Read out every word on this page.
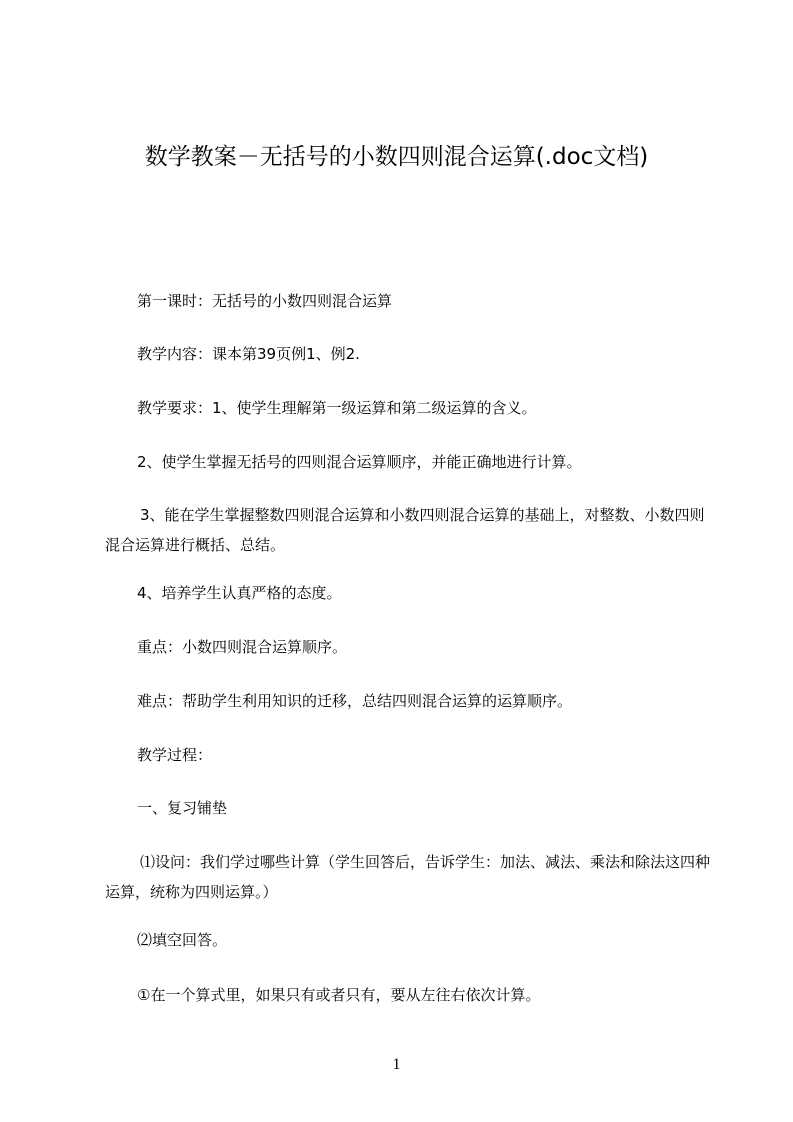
数学教案－无括号的小数四则混合运算(.doc文档)
第一课时：无括号的小数四则混合运算
教学内容：课本第39页例1、例2.
教学要求：1、使学生理解第一级运算和第二级运算的含义。
2、使学生掌握无括号的四则混合运算顺序，并能正确地进行计算。
3、能在学生掌握整数四则混合运算和小数四则混合运算的基础上，对整数、小数四则混合运算进行概括、总结。
4、培养学生认真严格的态度。
重点：小数四则混合运算顺序。
难点：帮助学生利用知识的迁移，总结四则混合运算的运算顺序。
教学过程：
一、复习铺垫
⑴设问：我们学过哪些计算（学生回答后，告诉学生：加法、减法、乘法和除法这四种运算，统称为四则运算。）
⑵填空回答。
①在一个算式里，如果只有或者只有，要从左往右依次计算。
1
